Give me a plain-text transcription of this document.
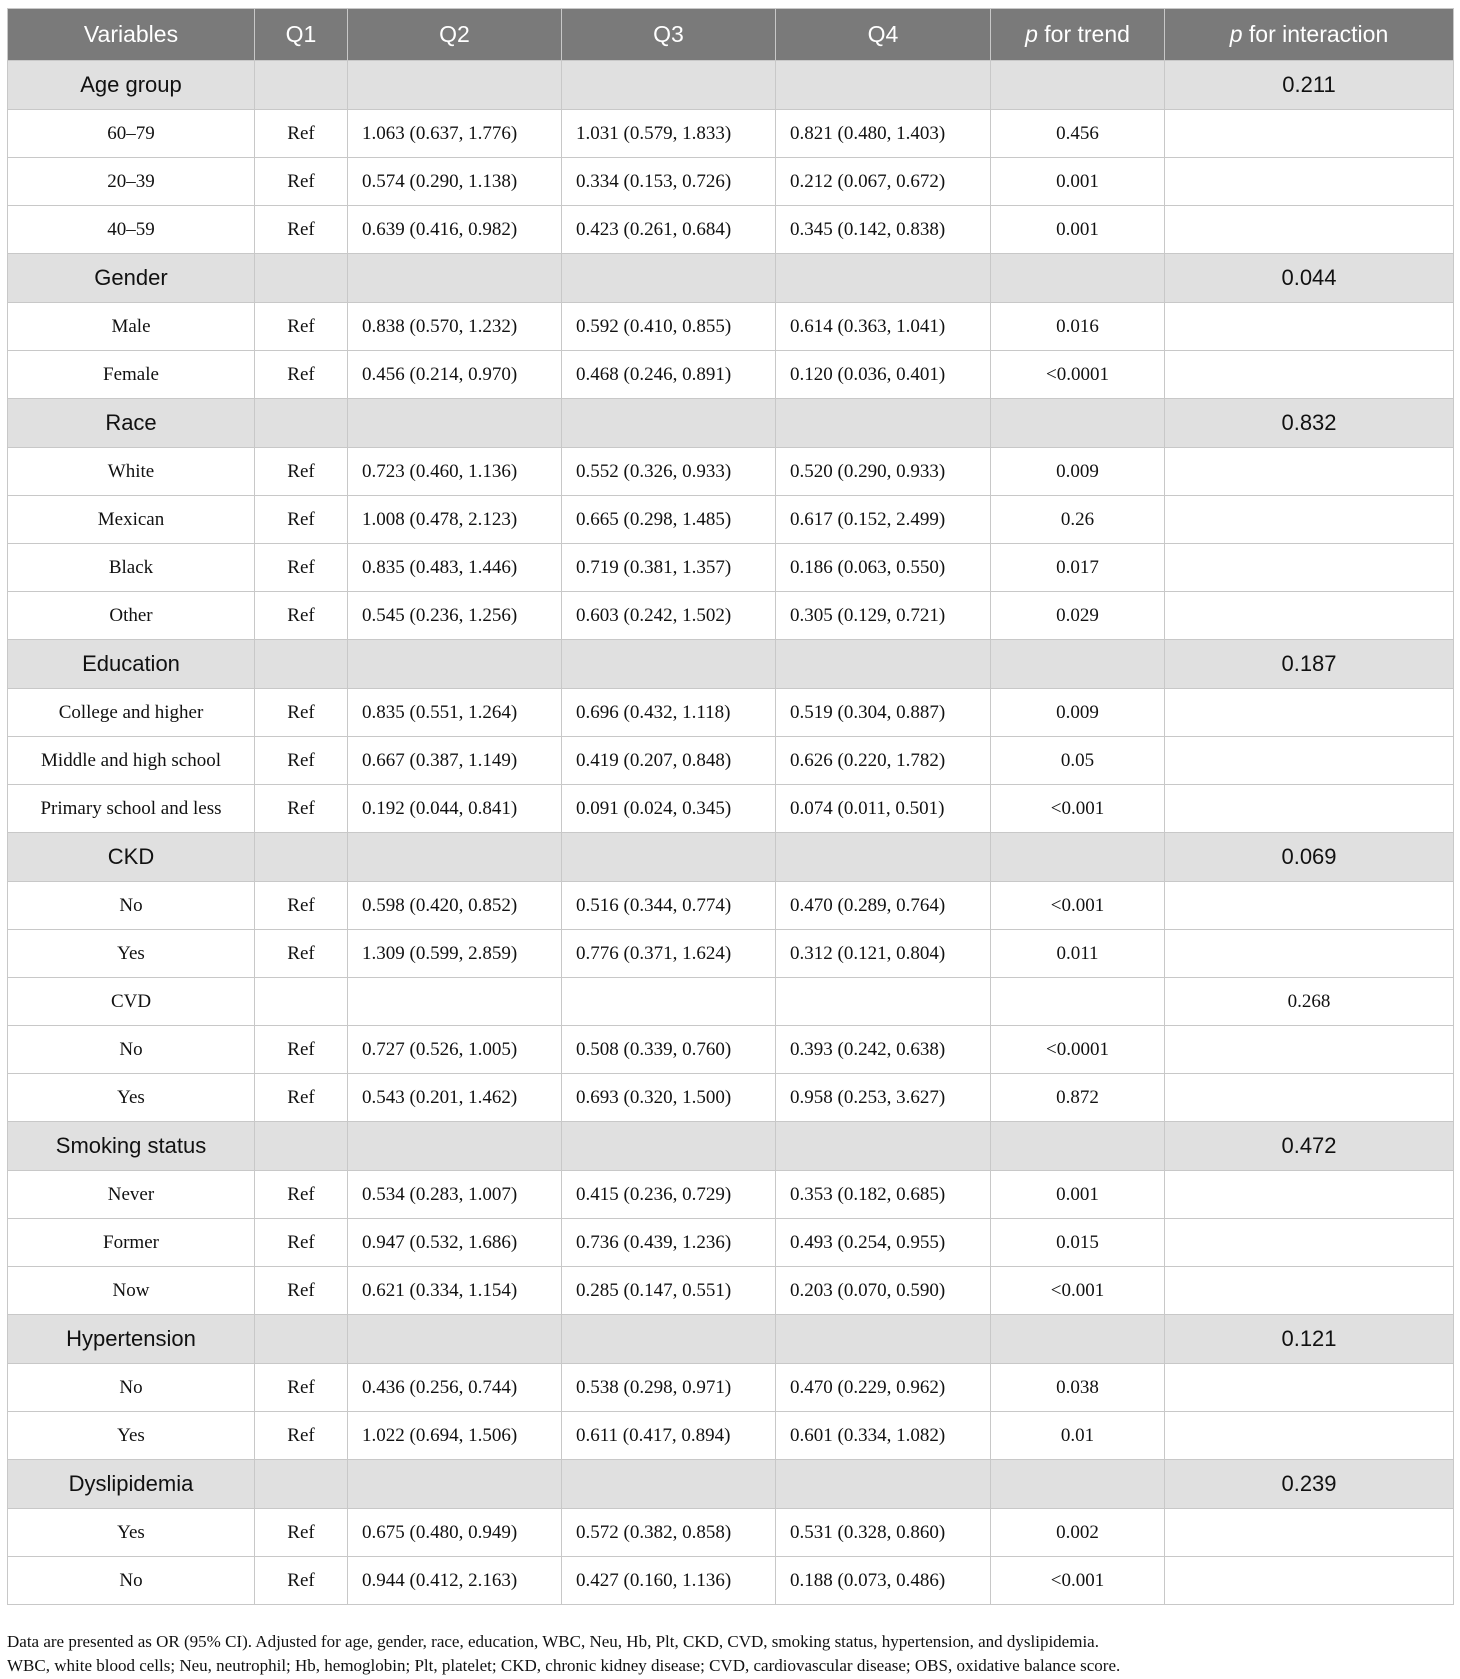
Variables	Q1	Q2	Q3	Q4	p for trend	p for interaction
Age group						0.211
60–79	Ref	1.063 (0.637, 1.776)	1.031 (0.579, 1.833)	0.821 (0.480, 1.403)	0.456	
20–39	Ref	0.574 (0.290, 1.138)	0.334 (0.153, 0.726)	0.212 (0.067, 0.672)	0.001	
40–59	Ref	0.639 (0.416, 0.982)	0.423 (0.261, 0.684)	0.345 (0.142, 0.838)	0.001	
Gender						0.044
Male	Ref	0.838 (0.570, 1.232)	0.592 (0.410, 0.855)	0.614 (0.363, 1.041)	0.016	
Female	Ref	0.456 (0.214, 0.970)	0.468 (0.246, 0.891)	0.120 (0.036, 0.401)	<0.0001	
Race						0.832
White	Ref	0.723 (0.460, 1.136)	0.552 (0.326, 0.933)	0.520 (0.290, 0.933)	0.009	
Mexican	Ref	1.008 (0.478, 2.123)	0.665 (0.298, 1.485)	0.617 (0.152, 2.499)	0.26	
Black	Ref	0.835 (0.483, 1.446)	0.719 (0.381, 1.357)	0.186 (0.063, 0.550)	0.017	
Other	Ref	0.545 (0.236, 1.256)	0.603 (0.242, 1.502)	0.305 (0.129, 0.721)	0.029	
Education						0.187
College and higher	Ref	0.835 (0.551, 1.264)	0.696 (0.432, 1.118)	0.519 (0.304, 0.887)	0.009	
Middle and high school	Ref	0.667 (0.387, 1.149)	0.419 (0.207, 0.848)	0.626 (0.220, 1.782)	0.05	
Primary school and less	Ref	0.192 (0.044, 0.841)	0.091 (0.024, 0.345)	0.074 (0.011, 0.501)	<0.001	
CKD						0.069
No	Ref	0.598 (0.420, 0.852)	0.516 (0.344, 0.774)	0.470 (0.289, 0.764)	<0.001	
Yes	Ref	1.309 (0.599, 2.859)	0.776 (0.371, 1.624)	0.312 (0.121, 0.804)	0.011	
CVD						0.268
No	Ref	0.727 (0.526, 1.005)	0.508 (0.339, 0.760)	0.393 (0.242, 0.638)	<0.0001	
Yes	Ref	0.543 (0.201, 1.462)	0.693 (0.320, 1.500)	0.958 (0.253, 3.627)	0.872	
Smoking status						0.472
Never	Ref	0.534 (0.283, 1.007)	0.415 (0.236, 0.729)	0.353 (0.182, 0.685)	0.001	
Former	Ref	0.947 (0.532, 1.686)	0.736 (0.439, 1.236)	0.493 (0.254, 0.955)	0.015	
Now	Ref	0.621 (0.334, 1.154)	0.285 (0.147, 0.551)	0.203 (0.070, 0.590)	<0.001	
Hypertension						0.121
No	Ref	0.436 (0.256, 0.744)	0.538 (0.298, 0.971)	0.470 (0.229, 0.962)	0.038	
Yes	Ref	1.022 (0.694, 1.506)	0.611 (0.417, 0.894)	0.601 (0.334, 1.082)	0.01	
Dyslipidemia						0.239
Yes	Ref	0.675 (0.480, 0.949)	0.572 (0.382, 0.858)	0.531 (0.328, 0.860)	0.002	
No	Ref	0.944 (0.412, 2.163)	0.427 (0.160, 1.136)	0.188 (0.073, 0.486)	<0.001	
Data are presented as OR (95% CI). Adjusted for age, gender, race, education, WBC, Neu, Hb, Plt, CKD, CVD, smoking status, hypertension, and dyslipidemia.
WBC, white blood cells; Neu, neutrophil; Hb, hemoglobin; Plt, platelet; CKD, chronic kidney disease; CVD, cardiovascular disease; OBS, oxidative balance score.
